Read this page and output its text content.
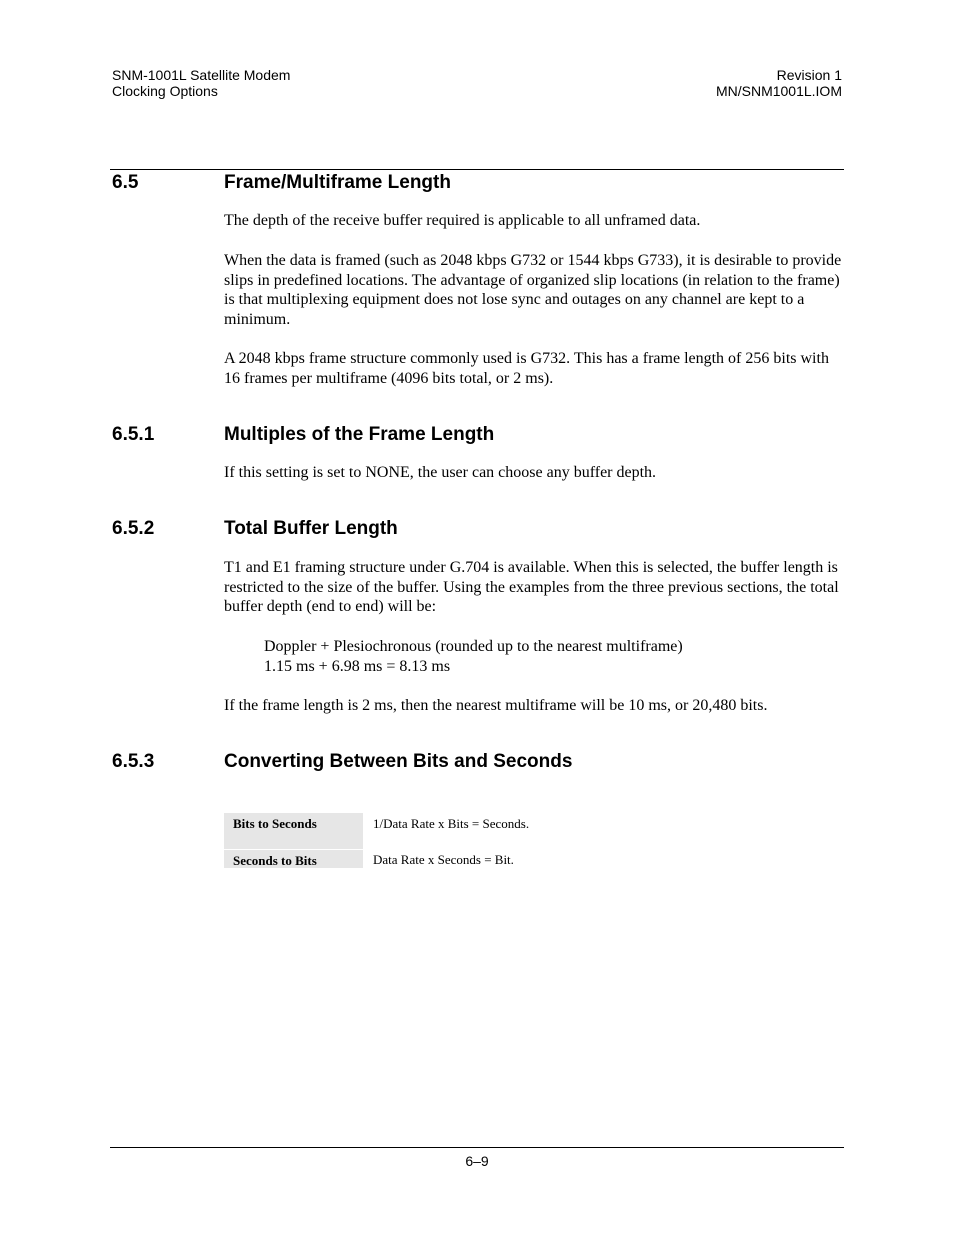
SNM-1001L Satellite Modem
Clocking Options
Revision 1
MN/SNM1001L.IOM
6.5	Frame/Multiframe Length
The depth of the receive buffer required is applicable to all unframed data.
When the data is framed (such as 2048 kbps G732 or 1544 kbps G733), it is desirable to provide slips in predefined locations. The advantage of organized slip locations (in relation to the frame) is that multiplexing equipment does not lose sync and outages on any channel are kept to a minimum.
A 2048 kbps frame structure commonly used is G732. This has a frame length of 256 bits with 16 frames per multiframe (4096 bits total, or 2 ms).
6.5.1	Multiples of the Frame Length
If this setting is set to NONE, the user can choose any buffer depth.
6.5.2	Total Buffer Length
T1 and E1 framing structure under G.704 is available. When this is selected, the buffer length is restricted to the size of the buffer. Using the examples from the three previous sections, the total buffer depth (end to end) will be:
Doppler + Plesiochronous (rounded up to the nearest multiframe)
1.15 ms + 6.98 ms = 8.13 ms
If the frame length is 2 ms, then the nearest multiframe will be 10 ms, or 20,480 bits.
6.5.3	Converting Between Bits and Seconds
Bits to Seconds	1/Data Rate x Bits = Seconds.
Seconds to Bits	Data Rate x Seconds = Bit.
6–9
